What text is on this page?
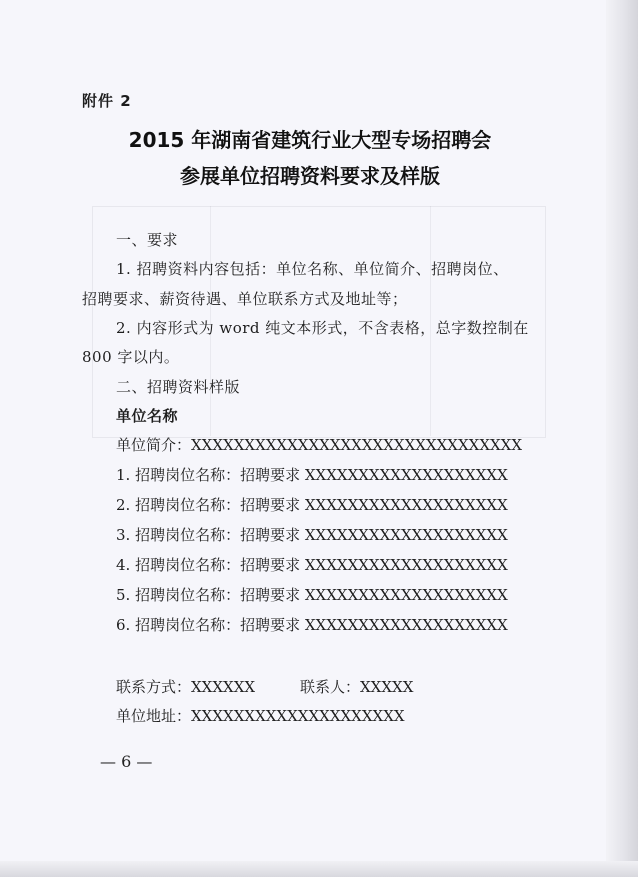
附件 2
2015 年湖南省建筑行业大型专场招聘会
参展单位招聘资料要求及样版
一、要求
1. 招聘资料内容包括：单位名称、单位简介、招聘岗位、
招聘要求、薪资待遇、单位联系方式及地址等；
2. 内容形式为 word 纯文本形式，不含表格，总字数控制在
800 字以内。
二、招聘资料样版
单位名称
单位简介：XXXXXXXXXXXXXXXXXXXXXXXXXXXXXXX
1. 招聘岗位名称：招聘要求 XXXXXXXXXXXXXXXXXXX
2. 招聘岗位名称：招聘要求 XXXXXXXXXXXXXXXXXXX
3. 招聘岗位名称：招聘要求 XXXXXXXXXXXXXXXXXXX
4. 招聘岗位名称：招聘要求 XXXXXXXXXXXXXXXXXXX
5. 招聘岗位名称：招聘要求 XXXXXXXXXXXXXXXXXXX
6. 招聘岗位名称：招聘要求 XXXXXXXXXXXXXXXXXXX
联系方式：XXXXXX	联系人：XXXXX
单位地址：XXXXXXXXXXXXXXXXXXXX
— 6 —
